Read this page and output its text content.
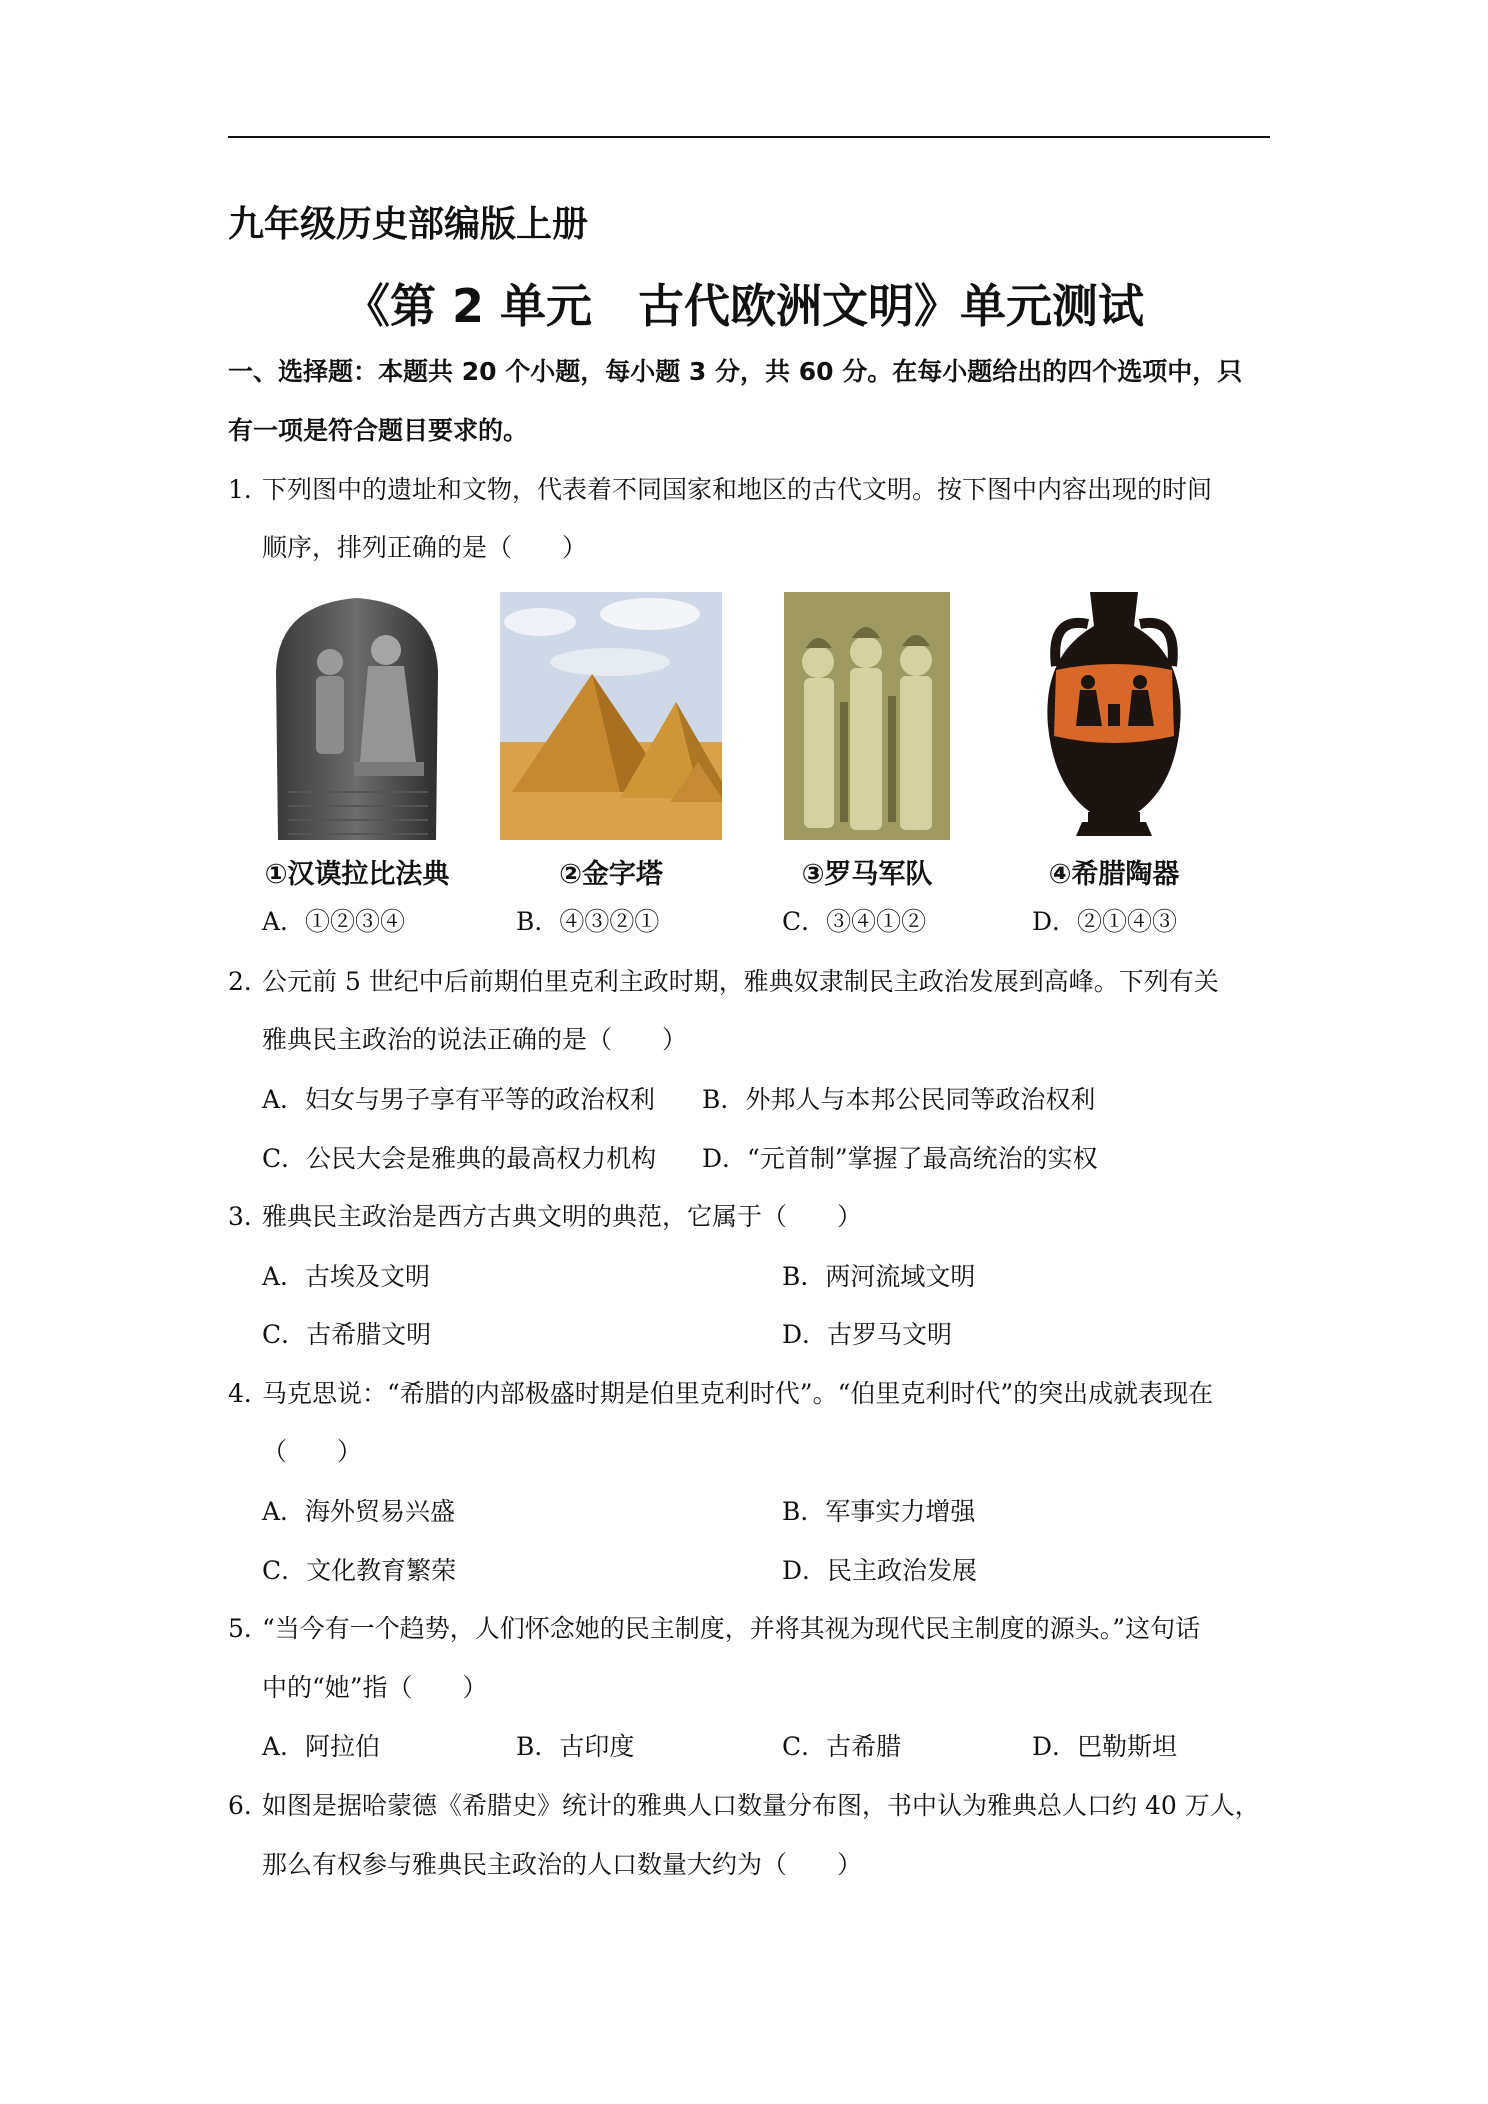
九年级历史部编版上册
《第 2 单元　古代欧洲文明》单元测试
一、选择题：本题共 20 个小题，每小题 3 分，共 60 分。在每小题给出的四个选项中，只
有一项是符合题目要求的。
1．
下列图中的遗址和文物，代表着不同国家和地区的古代文明。按下图中内容出现的时间
顺序，排列正确的是（　　）
①汉谟拉比法典	②金字塔	③罗马军队	④希腊陶器
A．①②③④	B．④③②①	C．③④①②	D．②①④③
2．
公元前 5 世纪中后前期伯里克利主政时期，雅典奴隶制民主政治发展到高峰。下列有关
雅典民主政治的说法正确的是（　　）
A．妇女与男子享有平等的政治权利 B．外邦人与本邦公民同等政治权利
C．公民大会是雅典的最高权力机构 D．“元首制”掌握了最高统治的实权
3．
雅典民主政治是西方古典文明的典范，它属于（　　）
A．古埃及文明	B．两河流域文明
C．古希腊文明	D．古罗马文明
4．
马克思说：“希腊的内部极盛时期是伯里克利时代”。“伯里克利时代”的突出成就表现在
（　　）
A．海外贸易兴盛	B．军事实力增强
C．文化教育繁荣	D．民主政治发展
5．
“当今有一个趋势，人们怀念她的民主制度，并将其视为现代民主制度的源头。”这句话
中的“她”指（　　）
A．阿拉伯	B．古印度	C．古希腊	D．巴勒斯坦
6．
如图是据哈蒙德《希腊史》统计的雅典人口数量分布图，书中认为雅典总人口约 40 万人，
那么有权参与雅典民主政治的人口数量大约为（　　）
